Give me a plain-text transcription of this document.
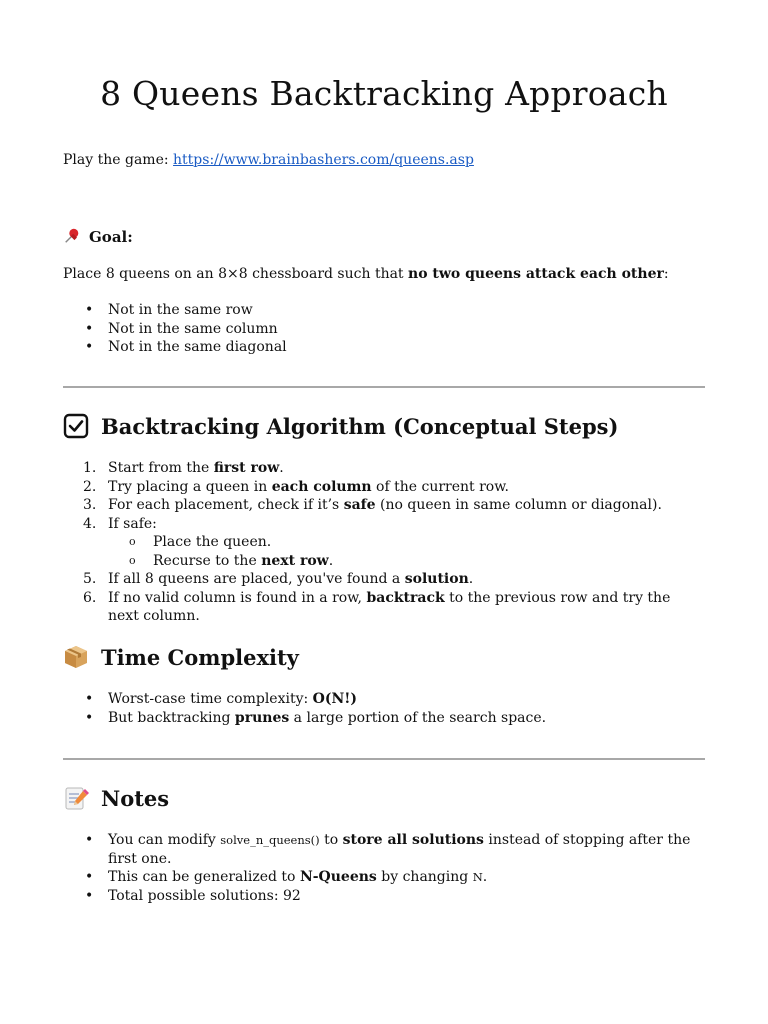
8 Queens Backtracking Approach
Play the game: https://www.brainbashers.com/queens.asp
Goal:
Place 8 queens on an 8×8 chessboard such that no two queens attack each other:
•	Not in the same row
•	Not in the same column
•	Not in the same diagonal
Backtracking Algorithm (Conceptual Steps)
1. Start from the first row.
2. Try placing a queen in each column of the current row.
3. For each placement, check if it’s safe (no queen in same column or diagonal).
4. If safe:
o	Place the queen.
o	Recurse to the next row.
5. If all 8 queens are placed, you've found a solution.
6. If no valid column is found in a row, backtrack to the previous row and try the next column.
Time Complexity
•	Worst-case time complexity: O(N!)
•	But backtracking prunes a large portion of the search space.
Notes
•	You can modify solve_n_queens() to store all solutions instead of stopping after the first one.
•	This can be generalized to N-Queens by changing N.
•	Total possible solutions: 92
